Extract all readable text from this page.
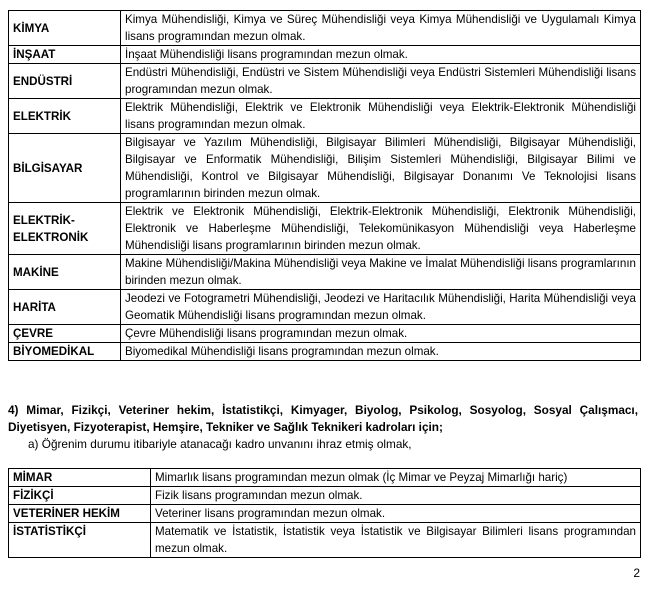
KİMYA	Kimya Mühendisliği, Kimya ve Süreç Mühendisliği veya Kimya Mühendisliği ve Uygulamalı Kimya lisans programından mezun olmak.
İNŞAAT	İnşaat Mühendisliği lisans programından mezun olmak.
ENDÜSTRİ	Endüstri Mühendisliği, Endüstri ve Sistem Mühendisliği veya Endüstri Sistemleri Mühendisliği lisans programından mezun olmak.
ELEKTRİK	Elektrik Mühendisliği, Elektrik ve Elektronik Mühendisliği veya Elektrik-Elektronik Mühendisliği lisans programından mezun olmak.
BİLGİSAYAR	Bilgisayar ve Yazılım Mühendisliği, Bilgisayar Bilimleri Mühendisliği, Bilgisayar Mühendisliği, Bilgisayar ve Enformatik Mühendisliği, Bilişim Sistemleri Mühendisliği, Bilgisayar Bilimi ve Mühendisliği, Kontrol ve Bilgisayar Mühendisliği, Bilgisayar Donanımı Ve Teknolojisi lisans programlarının birinden mezun olmak.
ELEKTRİK-ELEKTRONİK	Elektrik ve Elektronik Mühendisliği, Elektrik-Elektronik Mühendisliği, Elektronik Mühendisliği, Elektronik ve Haberleşme Mühendisliği, Telekomünikasyon Mühendisliği veya Haberleşme Mühendisliği lisans programlarının birinden mezun olmak.
MAKİNE	Makine Mühendisliği/Makina Mühendisliği veya Makine ve İmalat Mühendisliği lisans programlarının birinden mezun olmak.
HARİTA	Jeodezi ve Fotogrametri Mühendisliği, Jeodezi ve Haritacılık Mühendisliği, Harita Mühendisliği veya Geomatik Mühendisliği lisans programından mezun olmak.
ÇEVRE	Çevre Mühendisliği lisans programından mezun olmak.
BİYOMEDİKAL	Biyomedikal Mühendisliği lisans programından mezun olmak.
4) Mimar, Fizikçi, Veteriner hekim, İstatistikçi, Kimyager, Biyolog, Psikolog, Sosyolog, Sosyal Çalışmacı, Diyetisyen, Fizyoterapist, Hemşire, Tekniker ve Sağlık Teknikeri kadroları için;
a) Öğrenim durumu itibariyle atanacağı kadro unvanını ihraz etmiş olmak,
MİMAR	Mimarlık lisans programından mezun olmak (İç Mimar ve Peyzaj Mimarlığı hariç)
FİZİKÇİ	Fizik lisans programından mezun olmak.
VETERİNER HEKİM	Veteriner lisans programından mezun olmak.
İSTATİSTİKÇİ	Matematik ve İstatistik, İstatistik veya İstatistik ve Bilgisayar Bilimleri lisans programından mezun olmak.
2
